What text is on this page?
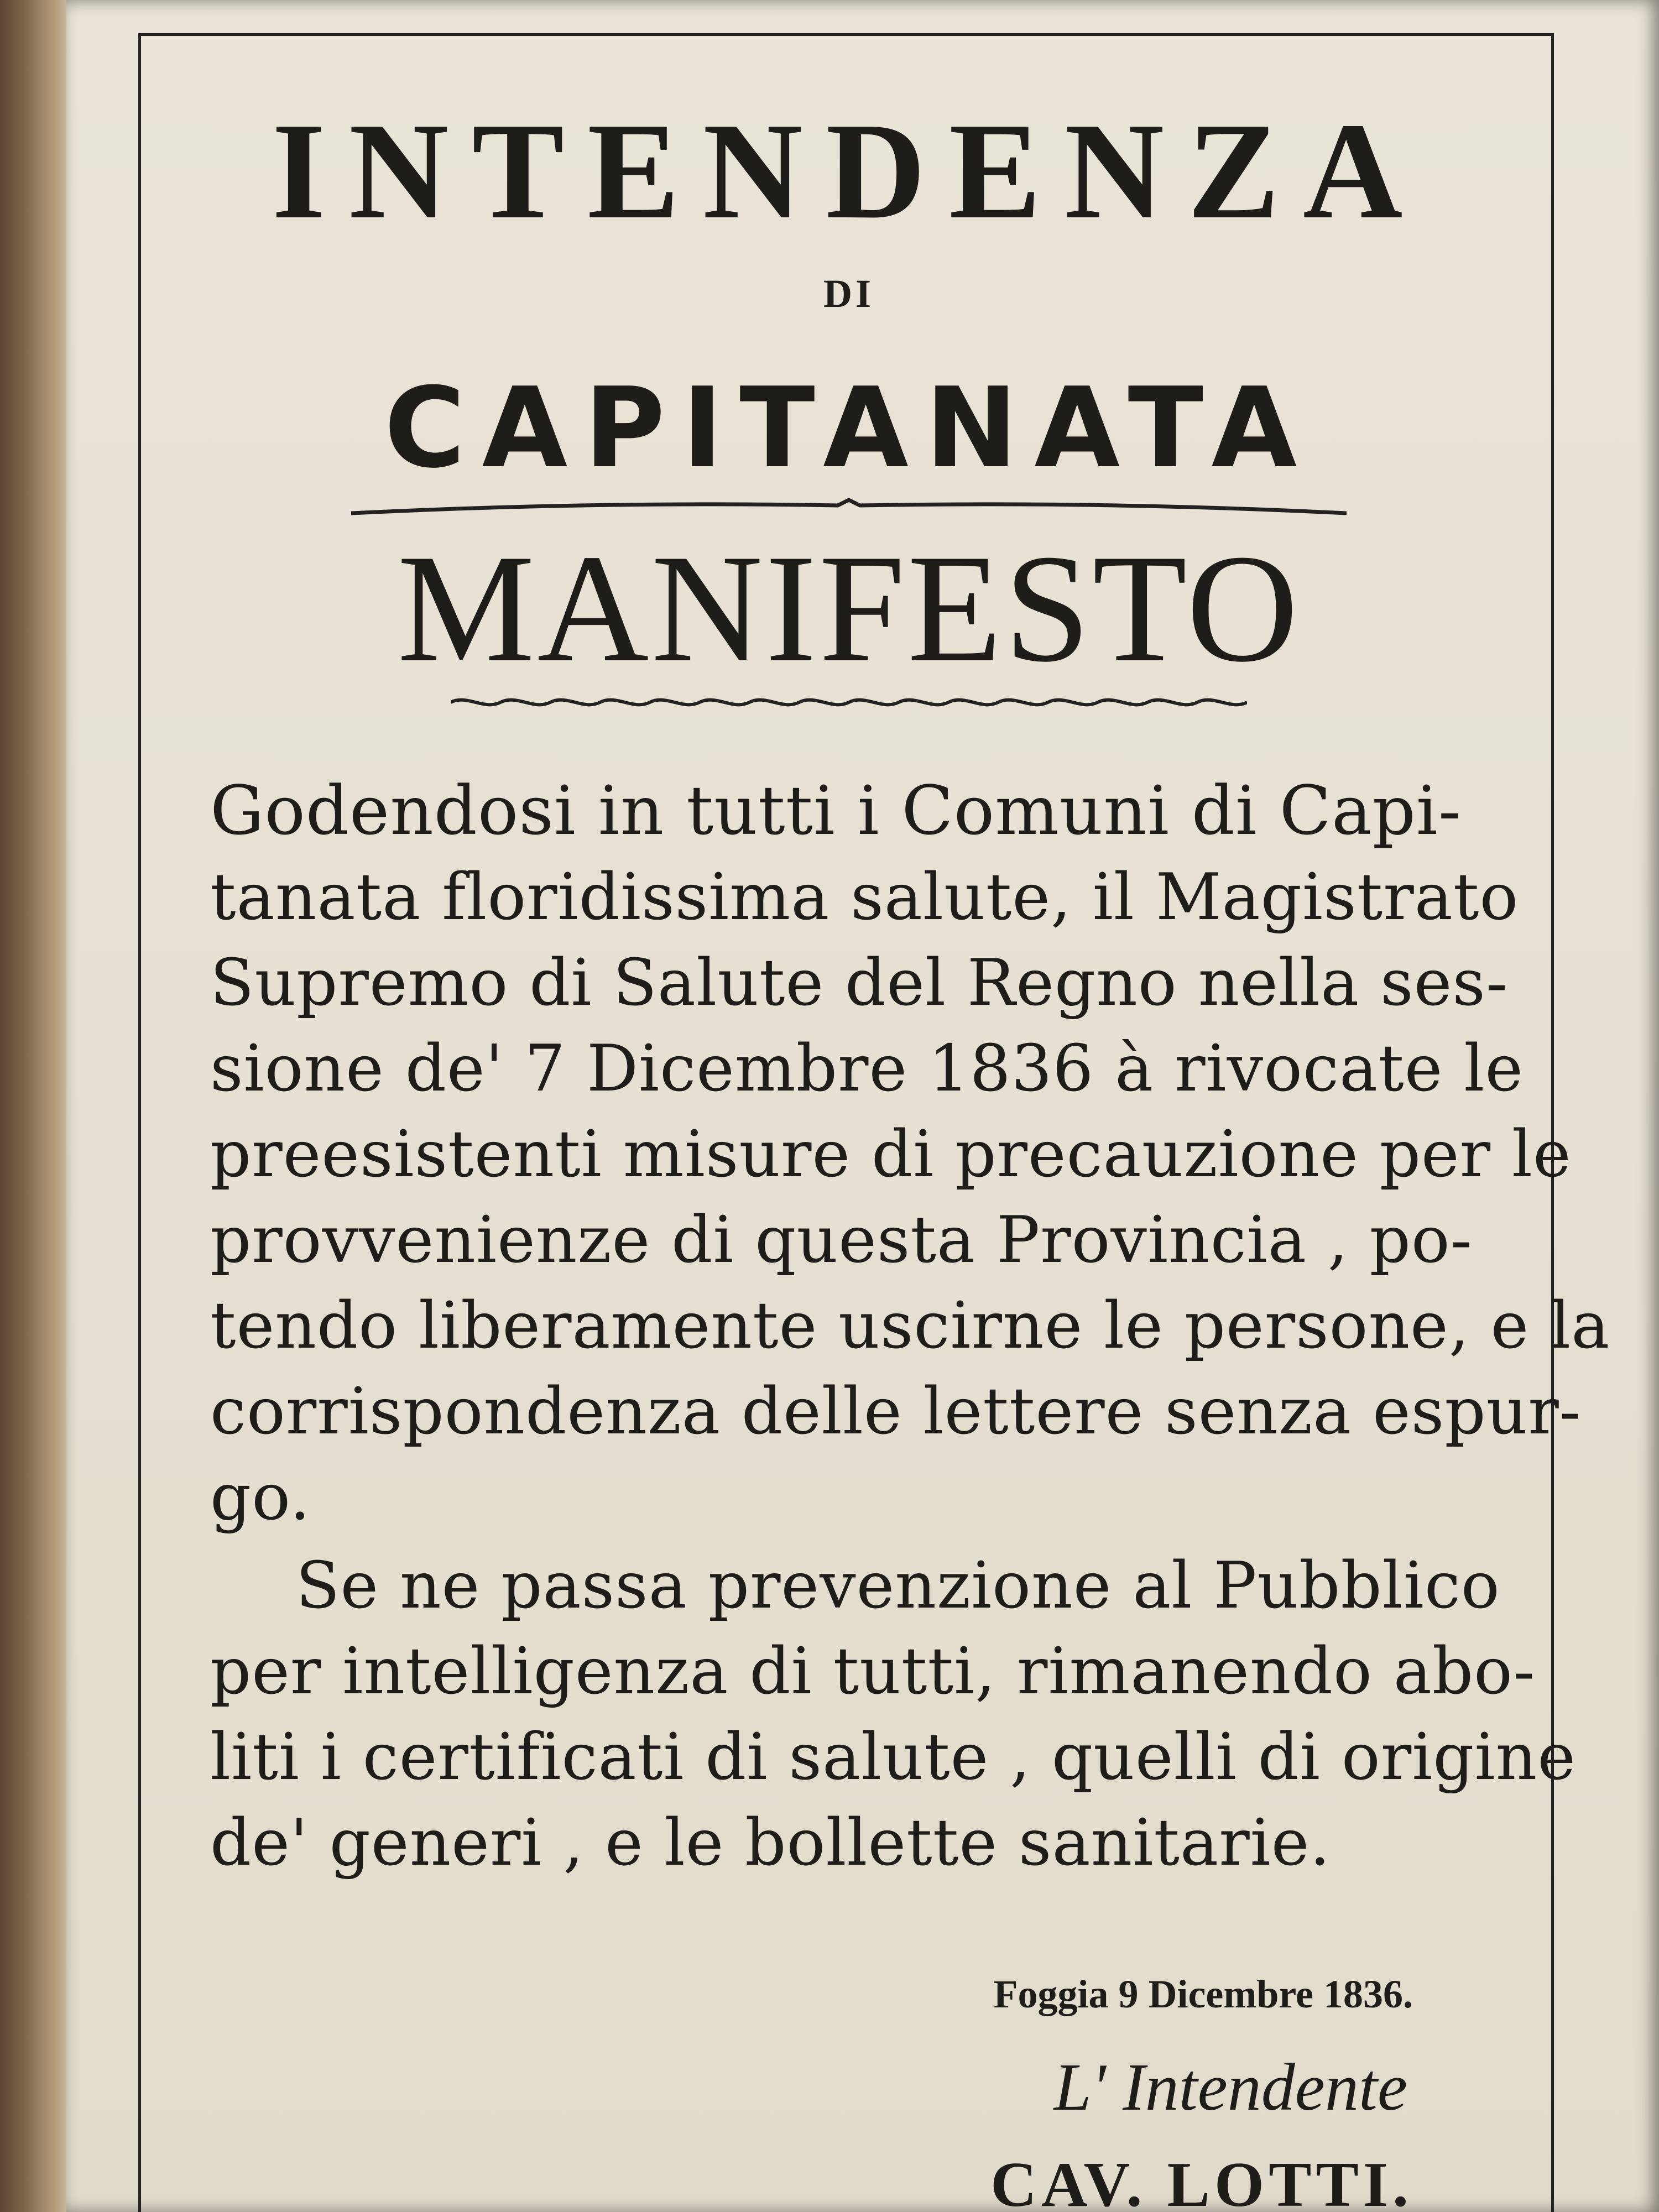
INTENDENZA

DI

CAPITANATA

MANIFESTO

Godendosi in tutti i Comuni di Capi-

tanata floridissima salute, il Magistrato

Supremo di Salute del Regno nella ses-

sione de' 7 Dicembre 1836 à rivocate le

preesistenti misure di precauzione per le

provvenienze di questa Provincia , po-

tendo liberamente uscirne le persone, e la

corrispondenza delle lettere senza espur-

go.

Se ne passa prevenzione al Pubblico

per intelligenza di tutti, rimanendo abo-

liti i certificati di salute , quelli di origine

de' generi , e le bollette sanitarie.

Foggia 9 Dicembre 1836.

L' Intendente

CAV. LOTTI.
